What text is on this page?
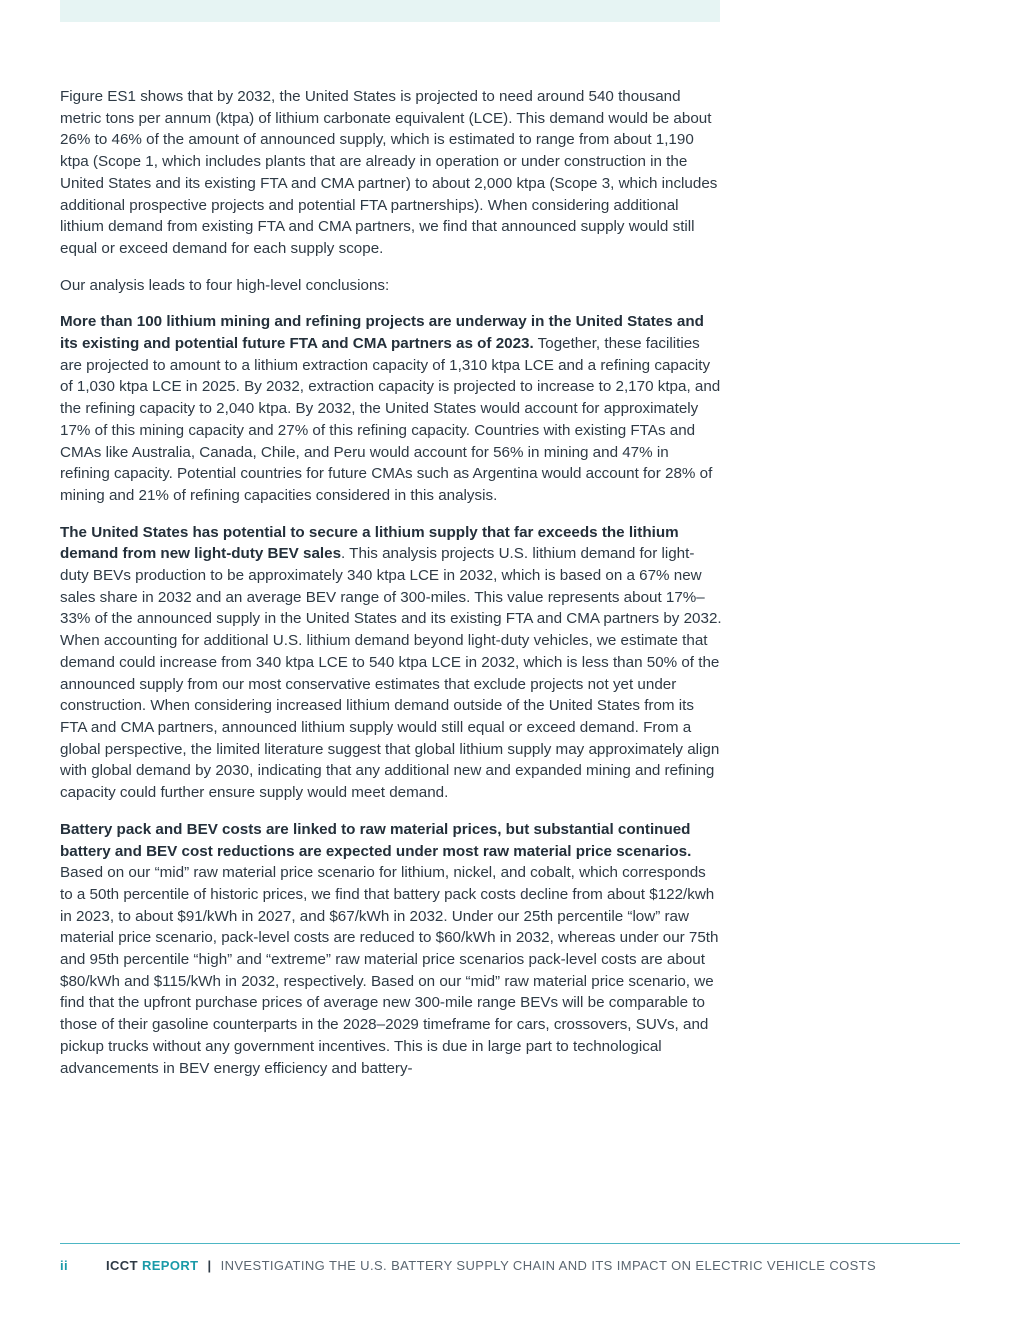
Figure ES1 shows that by 2032, the United States is projected to need around 540 thousand metric tons per annum (ktpa) of lithium carbonate equivalent (LCE). This demand would be about 26% to 46% of the amount of announced supply, which is estimated to range from about 1,190 ktpa (Scope 1, which includes plants that are already in operation or under construction in the United States and its existing FTA and CMA partner) to about 2,000 ktpa (Scope 3, which includes additional prospective projects and potential FTA partnerships). When considering additional lithium demand from existing FTA and CMA partners, we find that announced supply would still equal or exceed demand for each supply scope.

Our analysis leads to four high-level conclusions:

More than 100 lithium mining and refining projects are underway in the United States and its existing and potential future FTA and CMA partners as of 2023. Together, these facilities are projected to amount to a lithium extraction capacity of 1,310 ktpa LCE and a refining capacity of 1,030 ktpa LCE in 2025. By 2032, extraction capacity is projected to increase to 2,170 ktpa, and the refining capacity to 2,040 ktpa. By 2032, the United States would account for approximately 17% of this mining capacity and 27% of this refining capacity. Countries with existing FTAs and CMAs like Australia, Canada, Chile, and Peru would account for 56% in mining and 47% in refining capacity. Potential countries for future CMAs such as Argentina would account for 28% of mining and 21% of refining capacities considered in this analysis.

The United States has potential to secure a lithium supply that far exceeds the lithium demand from new light-duty BEV sales. This analysis projects U.S. lithium demand for light-duty BEVs production to be approximately 340 ktpa LCE in 2032, which is based on a 67% new sales share in 2032 and an average BEV range of 300-miles. This value represents about 17%–33% of the announced supply in the United States and its existing FTA and CMA partners by 2032. When accounting for additional U.S. lithium demand beyond light-duty vehicles, we estimate that demand could increase from 340 ktpa LCE to 540 ktpa LCE in 2032, which is less than 50% of the announced supply from our most conservative estimates that exclude projects not yet under construction. When considering increased lithium demand outside of the United States from its FTA and CMA partners, announced lithium supply would still equal or exceed demand. From a global perspective, the limited literature suggest that global lithium supply may approximately align with global demand by 2030, indicating that any additional new and expanded mining and refining capacity could further ensure supply would meet demand.

Battery pack and BEV costs are linked to raw material prices, but substantial continued battery and BEV cost reductions are expected under most raw material price scenarios. Based on our “mid” raw material price scenario for lithium, nickel, and cobalt, which corresponds to a 50th percentile of historic prices, we find that battery pack costs decline from about $122/kwh in 2023, to about $91/kWh in 2027, and $67/kWh in 2032. Under our 25th percentile “low” raw material price scenario, pack-level costs are reduced to $60/kWh in 2032, whereas under our 75th and 95th percentile “high” and “extreme” raw material price scenarios pack-level costs are about $80/kWh and $115/kWh in 2032, respectively. Based on our “mid” raw material price scenario, we find that the upfront purchase prices of average new 300-mile range BEVs will be comparable to those of their gasoline counterparts in the 2028–2029 timeframe for cars, crossovers, SUVs, and pickup trucks without any government incentives. This is due in large part to technological advancements in BEV energy efficiency and battery-

ii	ICCT REPORT | INVESTIGATING THE U.S. BATTERY SUPPLY CHAIN AND ITS IMPACT ON ELECTRIC VEHICLE COSTS
